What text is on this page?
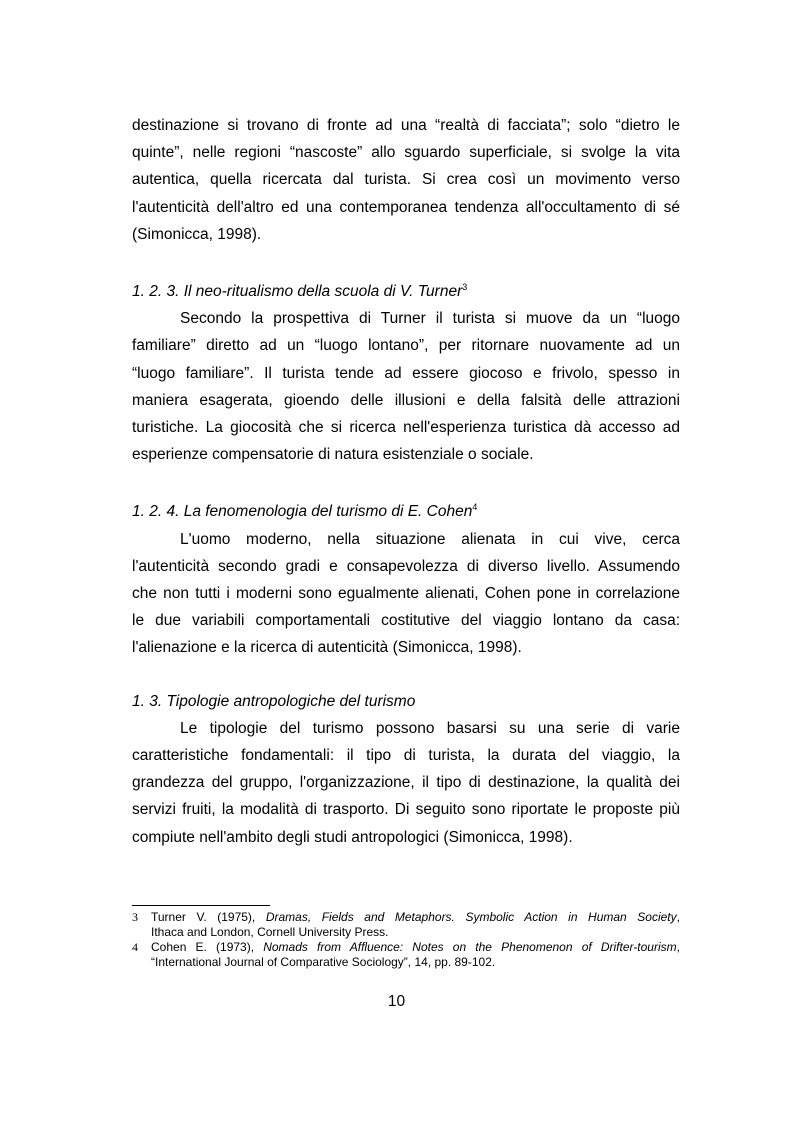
destinazione si trovano di fronte ad una “realtà di facciata”; solo “dietro le
quinte”, nelle regioni “nascoste” allo sguardo superficiale, si svolge la vita
autentica, quella ricercata dal turista. Si crea così un movimento verso
l'autenticità dell'altro ed una contemporanea tendenza all'occultamento di sé
(Simonicca, 1998).

1. 2. 3. Il neo-ritualismo della scuola di V. Turner$^3$

Secondo la prospettiva di Turner il turista si muove da un “luogo
familiare” diretto ad un “luogo lontano”, per ritornare nuovamente ad un
“luogo familiare”. Il turista tende ad essere giocoso e frivolo, spesso in
maniera esagerata, gioendo delle illusioni e della falsità delle attrazioni
turistiche. La giocosità che si ricerca nell'esperienza turistica dà accesso ad
esperienze compensatorie di natura esistenziale o sociale.

1. 2. 4. La fenomenologia del turismo di E. Cohen$^4$

L'uomo moderno, nella situazione alienata in cui vive, cerca
l'autenticità secondo gradi e consapevolezza di diverso livello. Assumendo
che non tutti i moderni sono egualmente alienati, Cohen pone in correlazione
le due variabili comportamentali costitutive del viaggio lontano da casa:
l'alienazione e la ricerca di autenticità (Simonicca, 1998).

1. 3. Tipologie antropologiche del turismo

Le tipologie del turismo possono basarsi su una serie di varie
caratteristiche fondamentali: il tipo di turista, la durata del viaggio, la
grandezza del gruppo, l'organizzazione, il tipo di destinazione, la qualità dei
servizi fruiti, la modalità di trasporto. Di seguito sono riportate le proposte più
compiute nell'ambito degli studi antropologici (Simonicca, 1998).
3	Turner V. (1975), Dramas, Fields and Metaphors. Symbolic Action in Human Society,
Ithaca and London, Cornell University Press.
4	Cohen E. (1973), Nomads from Affluence: Notes on the Phenomenon of Drifter-tourism,
“International Journal of Comparative Sociology”, 14, pp. 89-102.
10
